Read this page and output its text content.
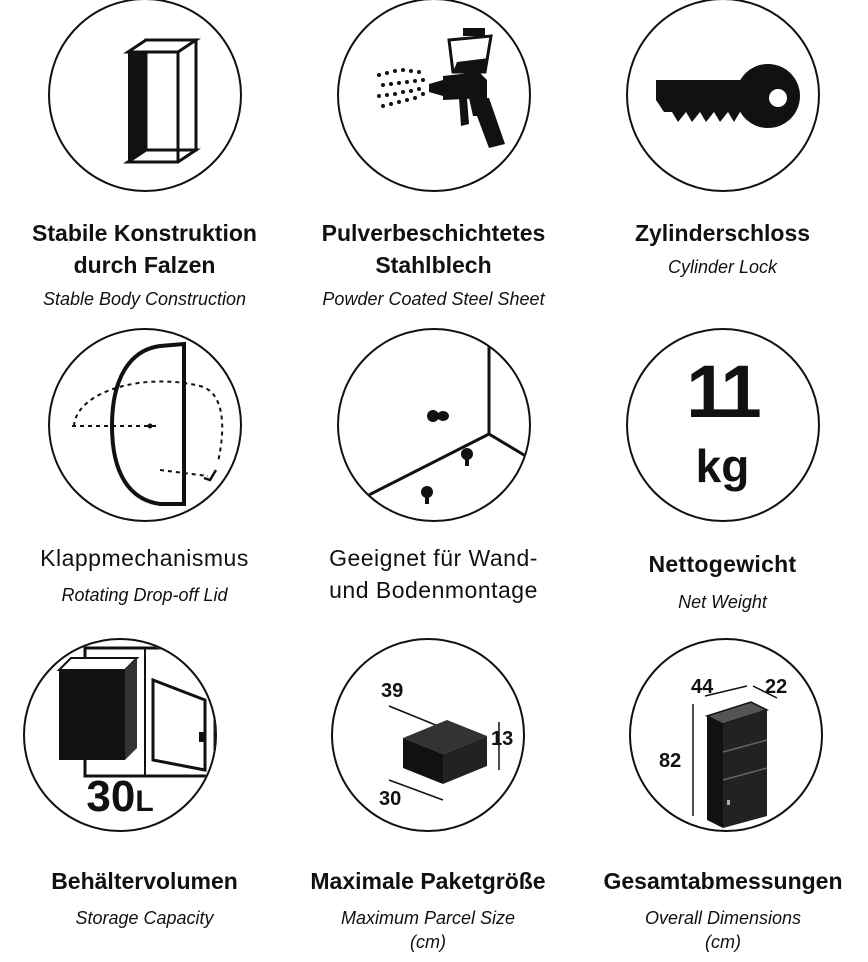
Stabile Konstruktion
durch Falzen

Stable Body Construction

Pulverbeschichtetes
Stahlblech

Powder Coated Steel Sheet

Zylinderschloss

Cylinder Lock

Klappmechanismus

Rotating Drop-off Lid

Geeignet für Wand-
und Bodenmontage

11
kg

Nettogewicht

Net Weight

30L

Behältervolumen

Storage Capacity

39
13
30

Maximale Paketgröße

Maximum Parcel Size
(cm)

44	22
82

Gesamtabmessungen

Overall Dimensions
(cm)
